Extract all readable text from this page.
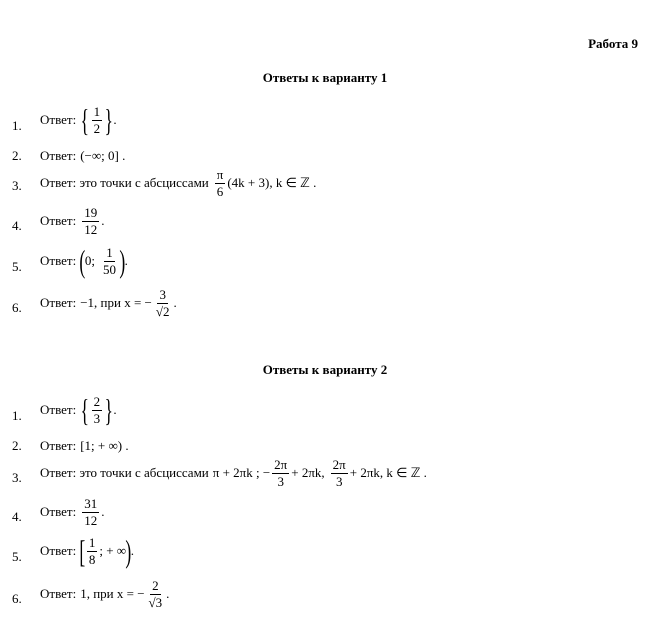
Работа 9
Ответы к варианту 1
1. Ответ: { $\frac{1}{2}$ } .
2. Ответ: (−∞; 0] .
3. Ответ: это точки с абсциссами $\frac{\pi}{6} (4k + 3)$, k ∈ ℤ .
4. Ответ: $\frac{19}{12}$ .
5. Ответ: ( 0; $\frac{1}{50}$ ) .
6. Ответ: −1, при x = − $\frac{3}{√2}$ .
Ответы к варианту 2
1. Ответ: { $\frac{2}{3}$ } .
2. Ответ: [1; + ∞) .
3. Ответ: это точки с абсциссами π + 2πk ; − $\frac{2\pi}{3} + 2\pi k$, $\frac{2\pi}{3} + 2\pi k$, k ∈ ℤ .
4. Ответ: $\frac{31}{12}$ .
5. Ответ: [ $\frac{1}{8}$ ; + ∞ ) .
6. Ответ: 1, при x = − $\frac{2}{√3}$ .
